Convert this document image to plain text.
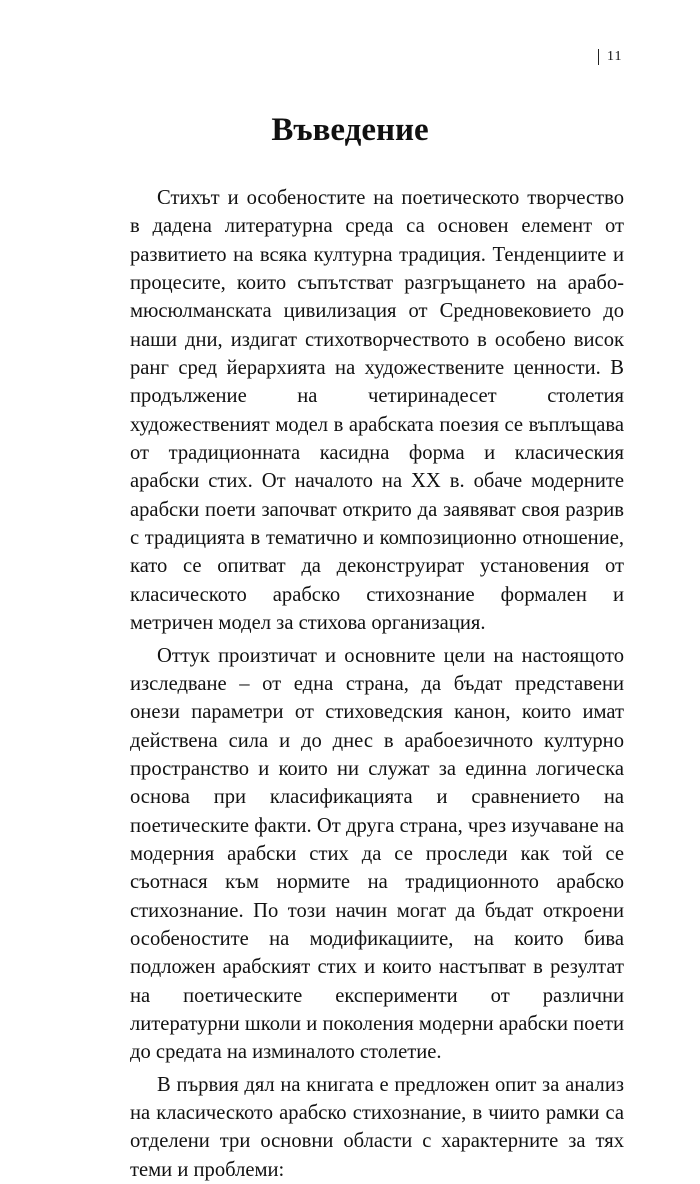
11
Въведение

Стихът и особеностите на поетическото творчество в дадена литературна среда са основен елемент от развитието на всяка културна традиция. Тенденциите и процесите, които съпътстват разгръщането на арабо-мюсюлманската цивилизация от Средновековието до наши дни, издигат стихотворчеството в особено висок ранг сред йерархията на художествените ценности. В продължение на четиринадесет столетия художественият модел в арабската поезия се въплъщава от традиционната касидна форма и класическия арабски стих. От началото на XX в. обаче модерните арабски поети започват открито да заявяват своя разрив с традицията в тематично и композиционно отношение, като се опитват да деконструират установения от класическото арабско стихознание формален и метричен модел за стихова организация.

Оттук произтичат и основните цели на настоящото изследване – от една страна, да бъдат представени онези параметри от стиховедския канон, които имат действена сила и до днес в арабоезичното културно пространство и които ни служат за единна логическа основа при класификацията и сравнението на поетическите факти. От друга страна, чрез изучаване на модерния арабски стих да се проследи как той се съотнася към нормите на традиционното арабско стихознание. По този начин могат да бъдат откроени особеностите на модификациите, на които бива подложен арабският стих и които настъпват в резултат на поетическите експерименти от различни литературни школи и поколения модерни арабски поети до средата на изминалото столетие.

В първия дял на книгата е предложен опит за анализ на класическото арабско стихознание, в чиито рамки са отделени три основни области с характерните за тях теми и проблеми:
